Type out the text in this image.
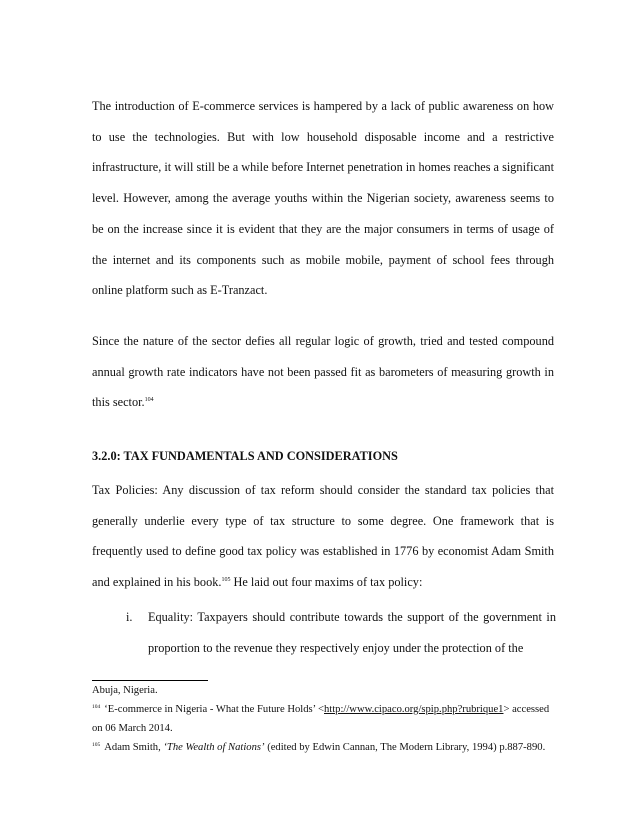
The introduction of E-commerce services is hampered by a lack of public awareness on how to use the technologies. But with low household disposable income and a restrictive infrastructure, it will still be a while before Internet penetration in homes reaches a significant level. However, among the average youths within the Nigerian society, awareness seems to be on the increase since it is evident that they are the major consumers in terms of usage of the internet and its components such as mobile mobile, payment of school fees through online platform such as E-Tranzact.

Since the nature of the sector defies all regular logic of growth, tried and tested compound annual growth rate indicators have not been passed fit as barometers of measuring growth in this sector.$^{104}$

3.2.0: TAX FUNDAMENTALS AND CONSIDERATIONS

Tax Policies: Any discussion of tax reform should consider the standard tax policies that generally underlie every type of tax structure to some degree. One framework that is frequently used to define good tax policy was established in 1776 by economist Adam Smith and explained in his book.$^{105}$ He laid out four maxims of tax policy:

i. Equality: Taxpayers should contribute towards the support of the government in proportion to the revenue they respectively enjoy under the protection of the

Abuja, Nigeria.

$^{104}$ ‘E-commerce in Nigeria - What the Future Holds’ <http://www.cipaco.org/spip.php?rubrique1> accessed on 06 March 2014.

$^{105}$ Adam Smith, ‘The Wealth of Nations’ (edited by Edwin Cannan, The Modern Library, 1994) p.887-890.
